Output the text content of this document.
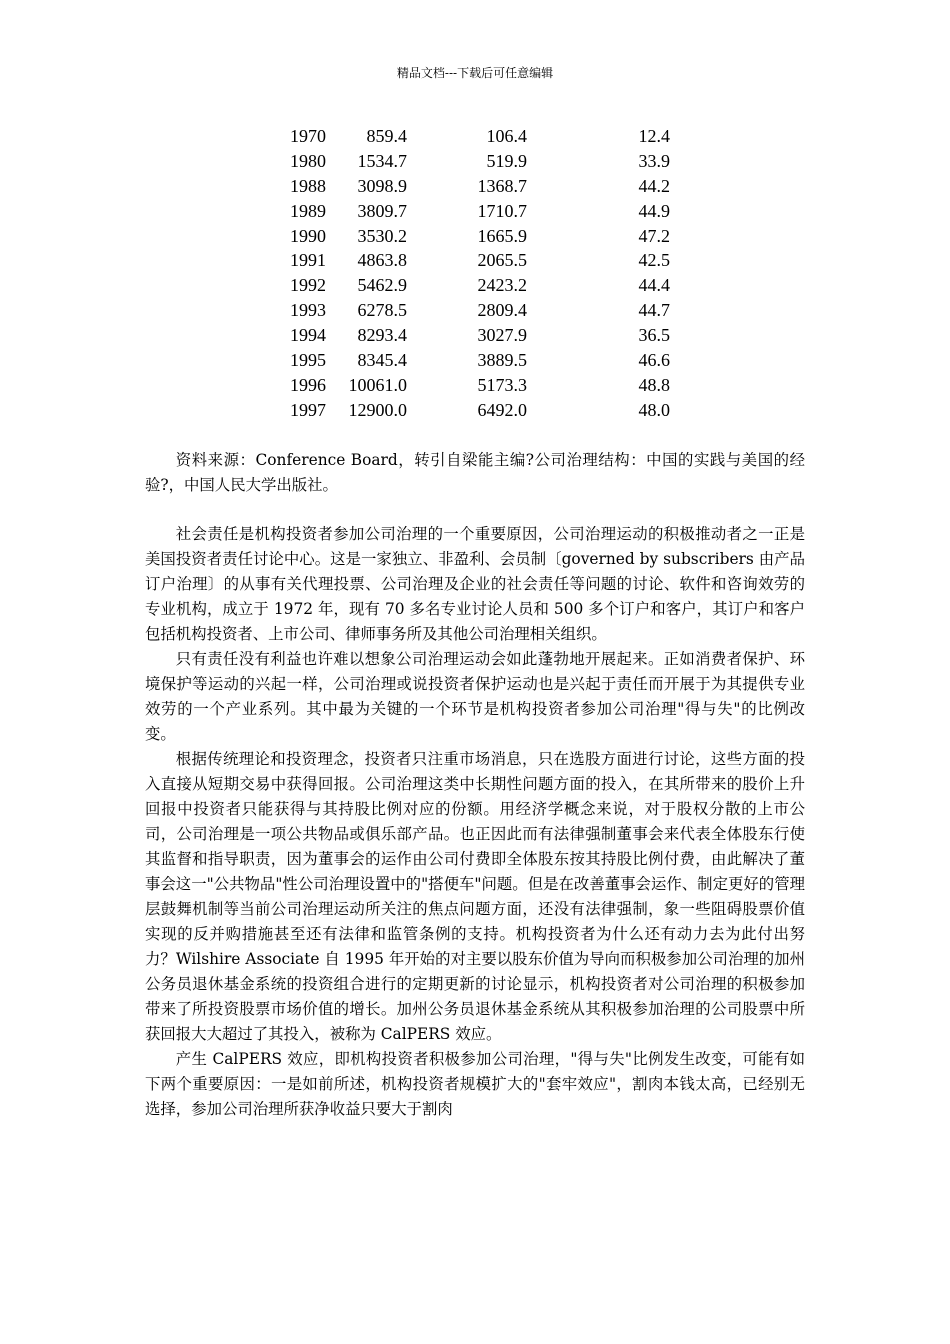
精品文档---下载后可任意编辑
1970	859.4	106.4	12.4
1980	1534.7	519.9	33.9
1988	3098.9	1368.7	44.2
1989	3809.7	1710.7	44.9
1990	3530.2	1665.9	47.2
1991	4863.8	2065.5	42.5
1992	5462.9	2423.2	44.4
1993	6278.5	2809.4	44.7
1994	8293.4	3027.9	36.5
1995	8345.4	3889.5	46.6
1996	10061.0	5173.3	48.8
1997	12900.0	6492.0	48.0

资料来源：Conference Board，转引自梁能主编?公司治理结构：中国的实践与美国的经验?，中国人民大学出版社。

社会责任是机构投资者参加公司治理的一个重要原因，公司治理运动的积极推动者之一正是美国投资者责任讨论中心。这是一家独立、非盈利、会员制〔governed by subscribers 由产品订户治理〕的从事有关代理投票、公司治理及企业的社会责任等问题的讨论、软件和咨询效劳的专业机构，成立于 1972 年，现有 70 多名专业讨论人员和 500 多个订户和客户，其订户和客户包括机构投资者、上市公司、律师事务所及其他公司治理相关组织。

只有责任没有利益也许难以想象公司治理运动会如此蓬勃地开展起来。正如消费者保护、环境保护等运动的兴起一样，公司治理或说投资者保护运动也是兴起于责任而开展于为其提供专业效劳的一个产业系列。其中最为关键的一个环节是机构投资者参加公司治理"得与失"的比例改变。

根据传统理论和投资理念，投资者只注重市场消息，只在选股方面进行讨论，这些方面的投入直接从短期交易中获得回报。公司治理这类中长期性问题方面的投入，在其所带来的股价上升回报中投资者只能获得与其持股比例对应的份额。用经济学概念来说，对于股权分散的上市公司，公司治理是一项公共物品或俱乐部产品。也正因此而有法律强制董事会来代表全体股东行使其监督和指导职责，因为董事会的运作由公司付费即全体股东按其持股比例付费，由此解决了董事会这一"公共物品"性公司治理设置中的"搭便车"问题。但是在改善董事会运作、制定更好的管理层鼓舞机制等当前公司治理运动所关注的焦点问题方面，还没有法律强制，象一些阻碍股票价值实现的反并购措施甚至还有法律和监管条例的支持。机构投资者为什么还有动力去为此付出努力？Wilshire Associate 自 1995 年开始的对主要以股东价值为导向而积极参加公司治理的加州公务员退休基金系统的投资组合进行的定期更新的讨论显示，机构投资者对公司治理的积极参加带来了所投资股票市场价值的增长。加州公务员退休基金系统从其积极参加治理的公司股票中所获回报大大超过了其投入，被称为 CalPERS 效应。

产生 CalPERS 效应，即机构投资者积极参加公司治理，"得与失"比例发生改变，可能有如下两个重要原因：一是如前所述，机构投资者规模扩大的"套牢效应"，割肉本钱太高，已经别无选择，参加公司治理所获净收益只要大于割肉
